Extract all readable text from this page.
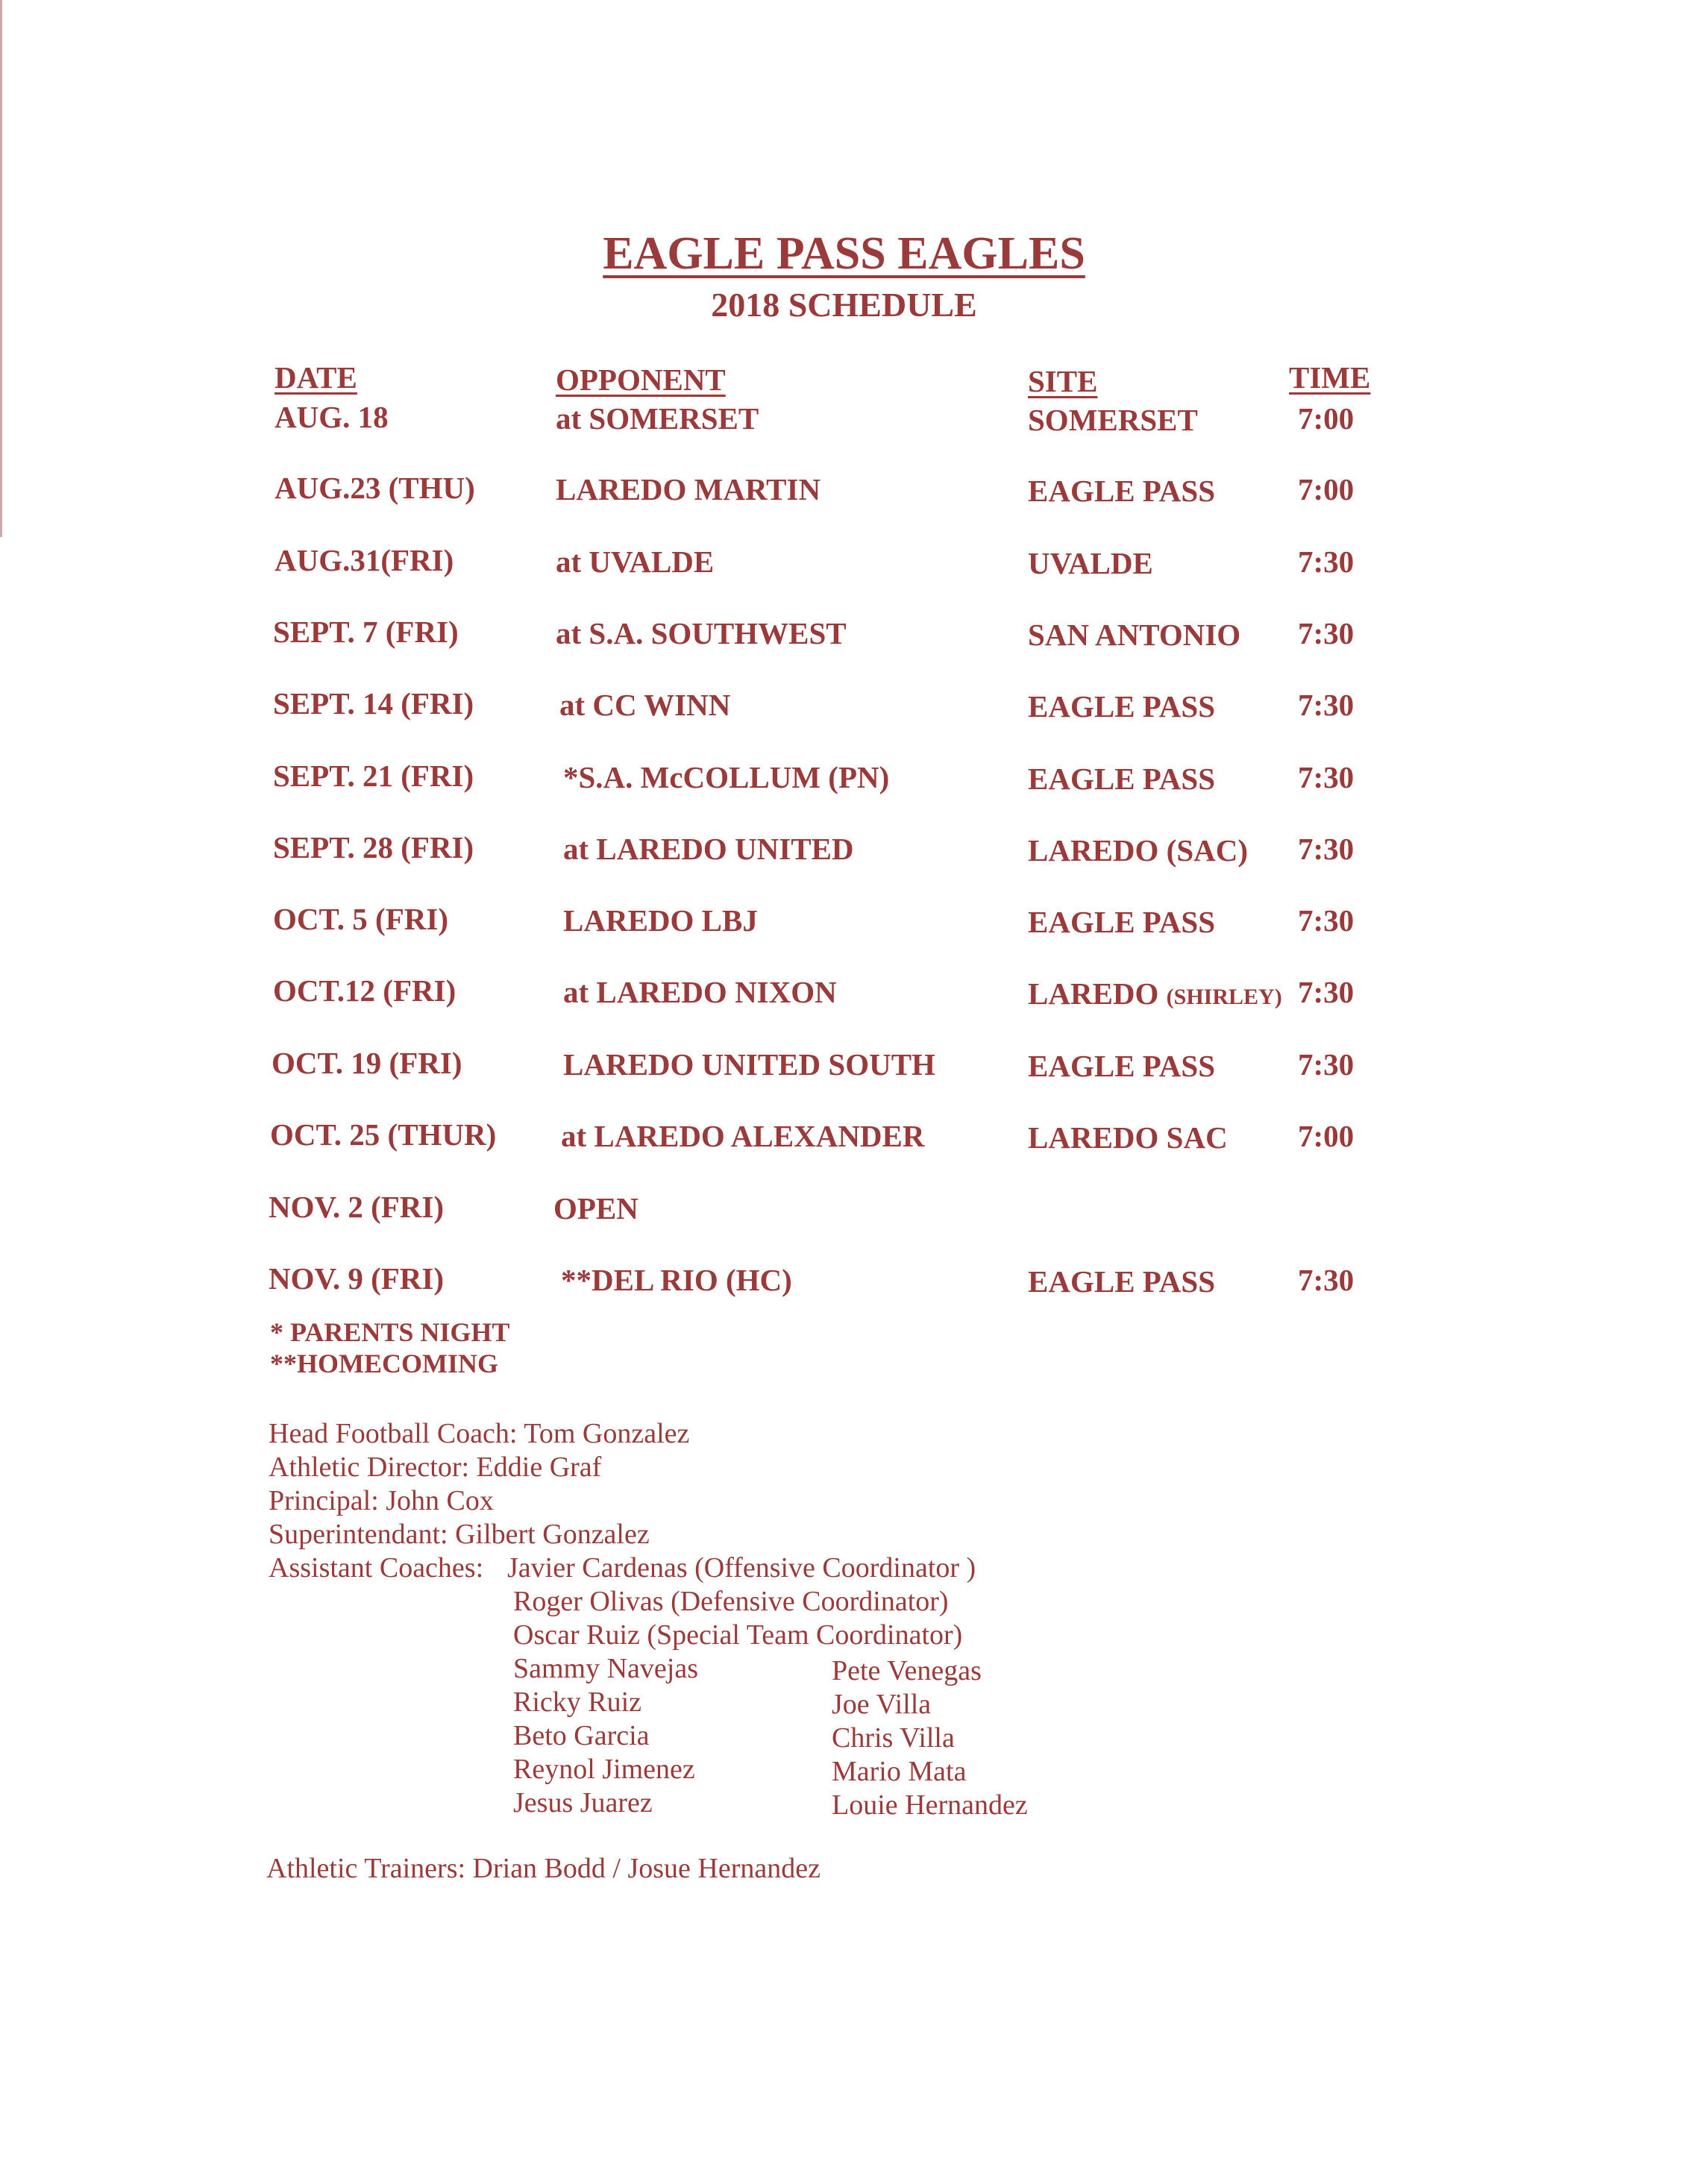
EAGLE PASS EAGLES
2018 SCHEDULE
DATE	OPPONENT	SITE	TIME
AUG. 18	at SOMERSET	SOMERSET	7:00
AUG.23 (THU)	LAREDO MARTIN	EAGLE PASS	7:00
AUG.31(FRI)	at UVALDE	UVALDE	7:30
SEPT. 7 (FRI)	at S.A. SOUTHWEST	SAN ANTONIO 7:30
SEPT. 14 (FRI)	at CC WINN	EAGLE PASS	7:30
SEPT. 21 (FRI)	*S.A. McCOLLUM (PN)	EAGLE PASS	7:30
SEPT. 28 (FRI)	at LAREDO UNITED	LAREDO (SAC) 7:30
OCT. 5 (FRI)	LAREDO LBJ	EAGLE PASS	7:30
OCT.12 (FRI)	at LAREDO NIXON	LAREDO (SHIRLEY) 7:30
OCT. 19 (FRI)	LAREDO UNITED SOUTH	EAGLE PASS	7:30
OCT. 25 (THUR) at LAREDO ALEXANDER	LAREDO SAC 7:00
NOV. 2 (FRI)	OPEN
NOV. 9 (FRI)	**DEL RIO (HC)	EAGLE PASS	7:30
* PARENTS NIGHT
**HOMECOMING
Head Football Coach: Tom Gonzalez
Athletic Director: Eddie Graf
Principal: John Cox
Superintendant: Gilbert Gonzalez
Assistant Coaches: Javier Cardenas (Offensive Coordinator )
Roger Olivas (Defensive Coordinator)
Oscar Ruiz (Special Team Coordinator)
Sammy Navejas
Ricky Ruiz
Beto Garcia
Reynol Jimenez
Jesus Juarez
Pete Venegas
Joe Villa
Chris Villa
Mario Mata
Louie Hernandez
Athletic Trainers: Drian Bodd / Josue Hernandez
